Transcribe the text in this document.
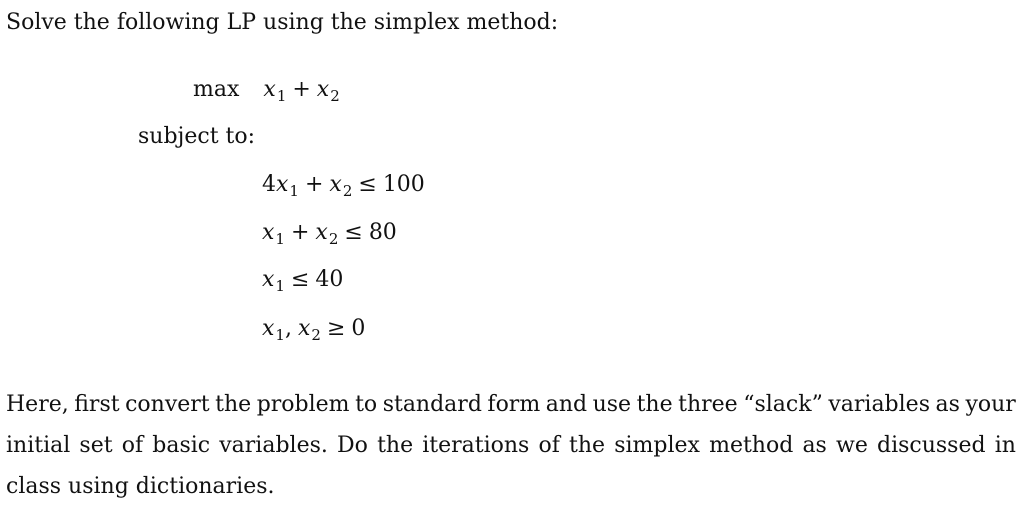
Solve the following LP using the simplex method:
$\max x_1 + x_2$
subject to:
$4x_1 + x_2 \le 100$
$x_1 + x_2 \le 80$
$x_1 \le 40$
$x_1$, $x_2 \ge 0$
Here, first convert the problem to standard form and use the three “slack” variables as your
initial set of basic variables. Do the iterations of the simplex method as we discussed in
class using dictionaries.
